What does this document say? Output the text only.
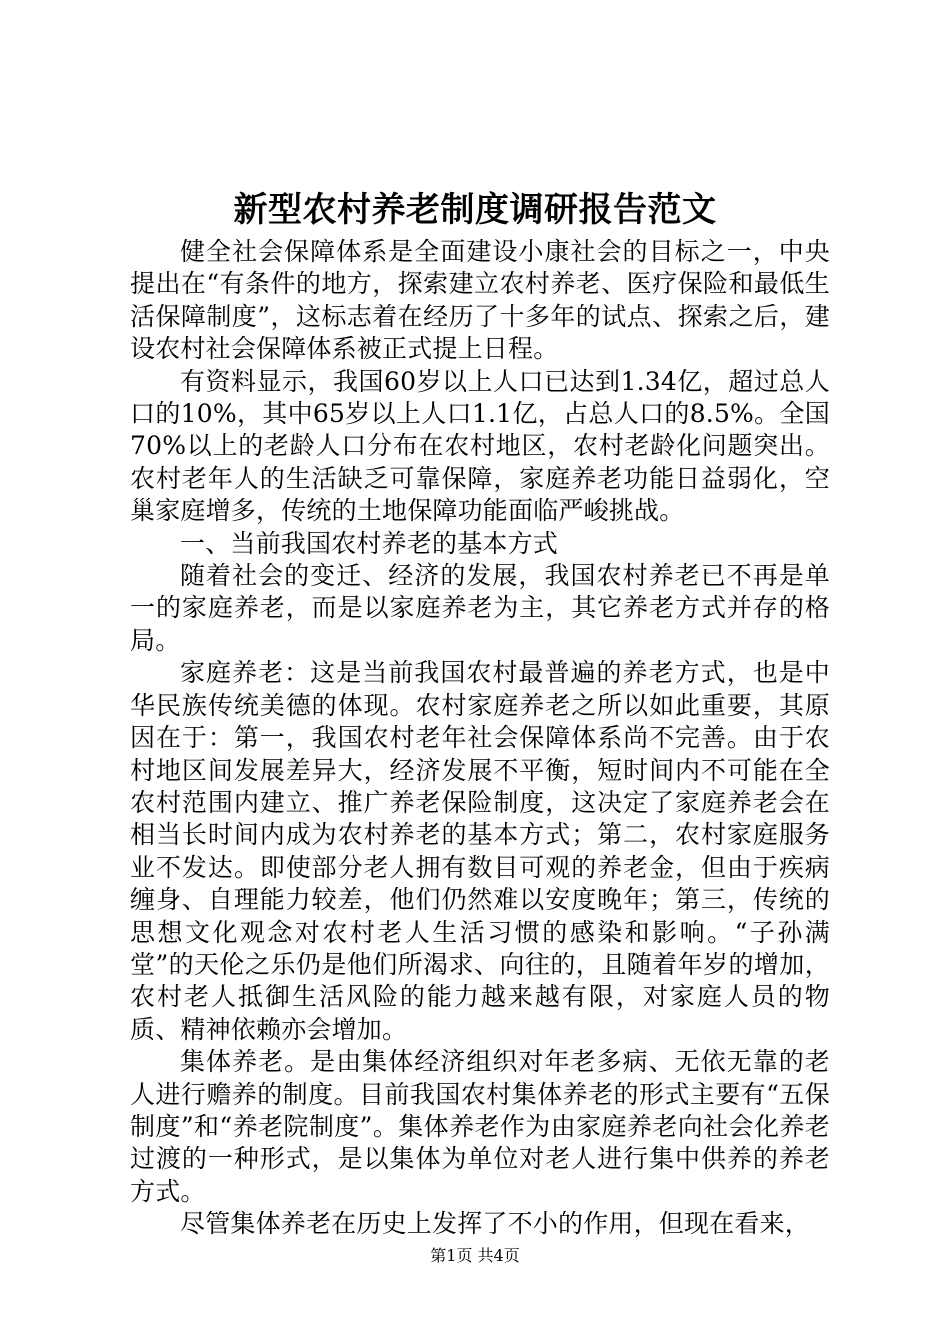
新型农村养老制度调研报告范文

健全社会保障体系是全面建设小康社会的目标之一，中央提出在“有条件的地方，探索建立农村养老、医疗保险和最低生活保障制度”，这标志着在经历了十多年的试点、探索之后，建设农村社会保障体系被正式提上日程。

有资料显示，我国60岁以上人口已达到1.34亿，超过总人口的10%，其中65岁以上人口1.1亿，占总人口的8.5%。全国70%以上的老龄人口分布在农村地区，农村老龄化问题突出。农村老年人的生活缺乏可靠保障，家庭养老功能日益弱化，空巢家庭增多，传统的土地保障功能面临严峻挑战。

一、当前我国农村养老的基本方式

随着社会的变迁、经济的发展，我国农村养老已不再是单一的家庭养老，而是以家庭养老为主，其它养老方式并存的格局。

家庭养老：这是当前我国农村最普遍的养老方式，也是中华民族传统美德的体现。农村家庭养老之所以如此重要，其原因在于：第一，我国农村老年社会保障体系尚不完善。由于农村地区间发展差异大，经济发展不平衡，短时间内不可能在全农村范围内建立、推广养老保险制度，这决定了家庭养老会在相当长时间内成为农村养老的基本方式；第二，农村家庭服务业不发达。即使部分老人拥有数目可观的养老金，但由于疾病缠身、自理能力较差，他们仍然难以安度晚年；第三，传统的思想文化观念对农村老人生活习惯的感染和影响。“子孙满堂”的天伦之乐仍是他们所渴求、向往的，且随着年岁的增加，农村老人抵御生活风险的能力越来越有限，对家庭人员的物质、精神依赖亦会增加。

集体养老。是由集体经济组织对年老多病、无依无靠的老人进行赡养的制度。目前我国农村集体养老的形式主要有“五保制度”和“养老院制度”。集体养老作为由家庭养老向社会化养老过渡的一种形式，是以集体为单位对老人进行集中供养的养老方式。

尽管集体养老在历史上发挥了不小的作用，但现在看来，

第1页 共4页
